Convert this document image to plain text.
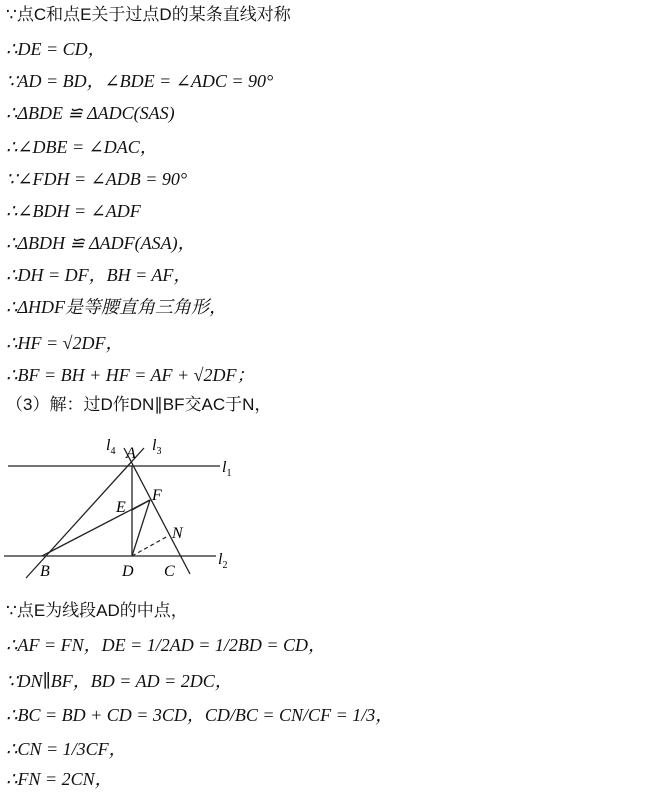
∵点C和点E关于过点D的某条直线对称
∴DE = CD，
∵AD = BD，∠BDE = ∠ADC = 90°
∴ΔBDE ≌ ΔADC(SAS)
∴∠DBE = ∠DAC，
∵∠FDH = ∠ADB = 90°
∴∠BDH = ∠ADF
∴ΔBDH ≌ ΔADF(ASA)，
∴DH = DF，BH = AF，
∴ΔHDF是等腰直角三角形，
∴HF = √2DF，
∴BF = BH + HF = AF + √2DF；
（3）解：过D作DN∥BF交AC于N，
A
B	C
D
E
F
N
$l_4$ $l_3$
$l_1$
$l_2$
∵点E为线段AD的中点，
∴AF = FN，DE = 1/2AD = 1/2BD = CD，
∵DN∥BF，BD = AD = 2DC，
∴BC = BD + CD = 3CD，CD/BC = CN/CF = 1/3，
∴CN = 1/3CF，
∴FN = 2CN，
